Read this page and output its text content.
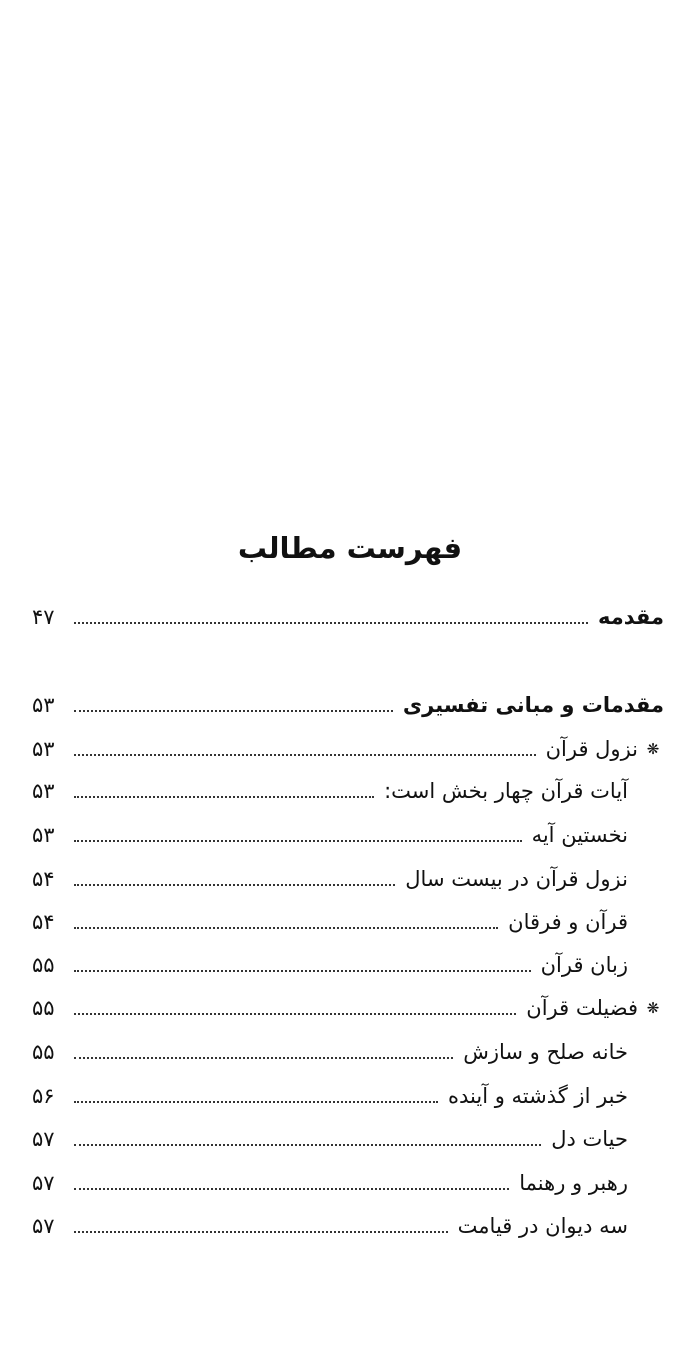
فهرست مطالب
مقدمه
۴۷
مقدمات و مبانی تفسیری
۵۳
❋
نزول قرآن
۵۳
آیات قرآن چهار بخش است:
۵۳
نخستین آیه
۵۳
نزول قرآن در بیست سال
۵۴
قرآن و فرقان
۵۴
زبان قرآن
۵۵
❋
فضیلت قرآن
۵۵
خانه صلح و سازش
۵۵
خبر از گذشته و آینده
۵۶
حیات دل
۵۷
رهبر و رهنما
۵۷
سه دیوان در قیامت
۵۷
